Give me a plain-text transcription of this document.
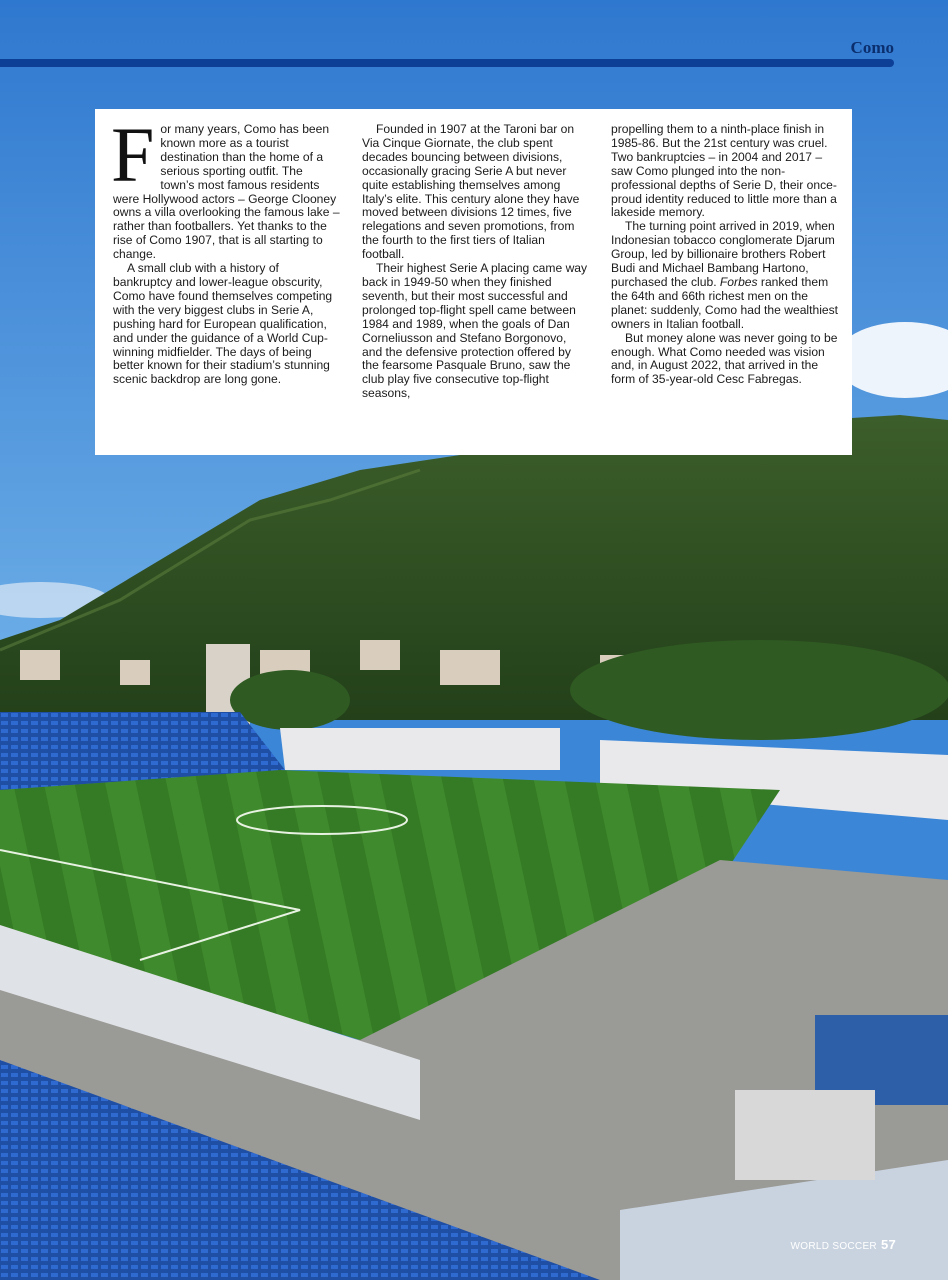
Como

For many years, Como has been known more as a tourist destination than the home of a serious sporting outfit. The town’s most famous residents were Hollywood actors – George Clooney owns a villa overlooking the famous lake – rather than footballers. Yet thanks to the rise of Como 1907, that is all starting to change.

A small club with a history of bankruptcy and lower-league obscurity, Como have found themselves competing with the very biggest clubs in Serie A, pushing hard for European qualification, and under the guidance of a World Cup-winning midfielder. The days of being better known for their stadium’s stunning scenic backdrop are long gone.

Founded in 1907 at the Taroni bar on Via Cinque Giornate, the club spent decades bouncing between divisions, occasionally gracing Serie A but never quite establishing themselves among Italy’s elite. This century alone they have moved between divisions 12 times, five relegations and seven promotions, from the fourth to the first tiers of Italian football.

Their highest Serie A placing came way back in 1949-50 when they finished seventh, but their most successful and prolonged top-flight spell came between 1984 and 1989, when the goals of Dan Corneliusson and Stefano Borgonovo, and the defensive protection offered by the fearsome Pasquale Bruno, saw the club play five consecutive top-flight seasons,

propelling them to a ninth-place finish in 1985-86. But the 21st century was cruel. Two bankruptcies – in 2004 and 2017 – saw Como plunged into the non-professional depths of Serie D, their once-proud identity reduced to little more than a lakeside memory.

The turning point arrived in 2019, when Indonesian tobacco conglomerate Djarum Group, led by billionaire brothers Robert Budi and Michael Bambang Hartono, purchased the club. Forbes ranked them the 64th and 66th richest men on the planet: suddenly, Como had the wealthiest owners in Italian football.

But money alone was never going to be enough. What Como needed was vision and, in August 2022, that arrived in the form of 35-year-old Cesc Fabregas.

WORLD SOCCER 57
